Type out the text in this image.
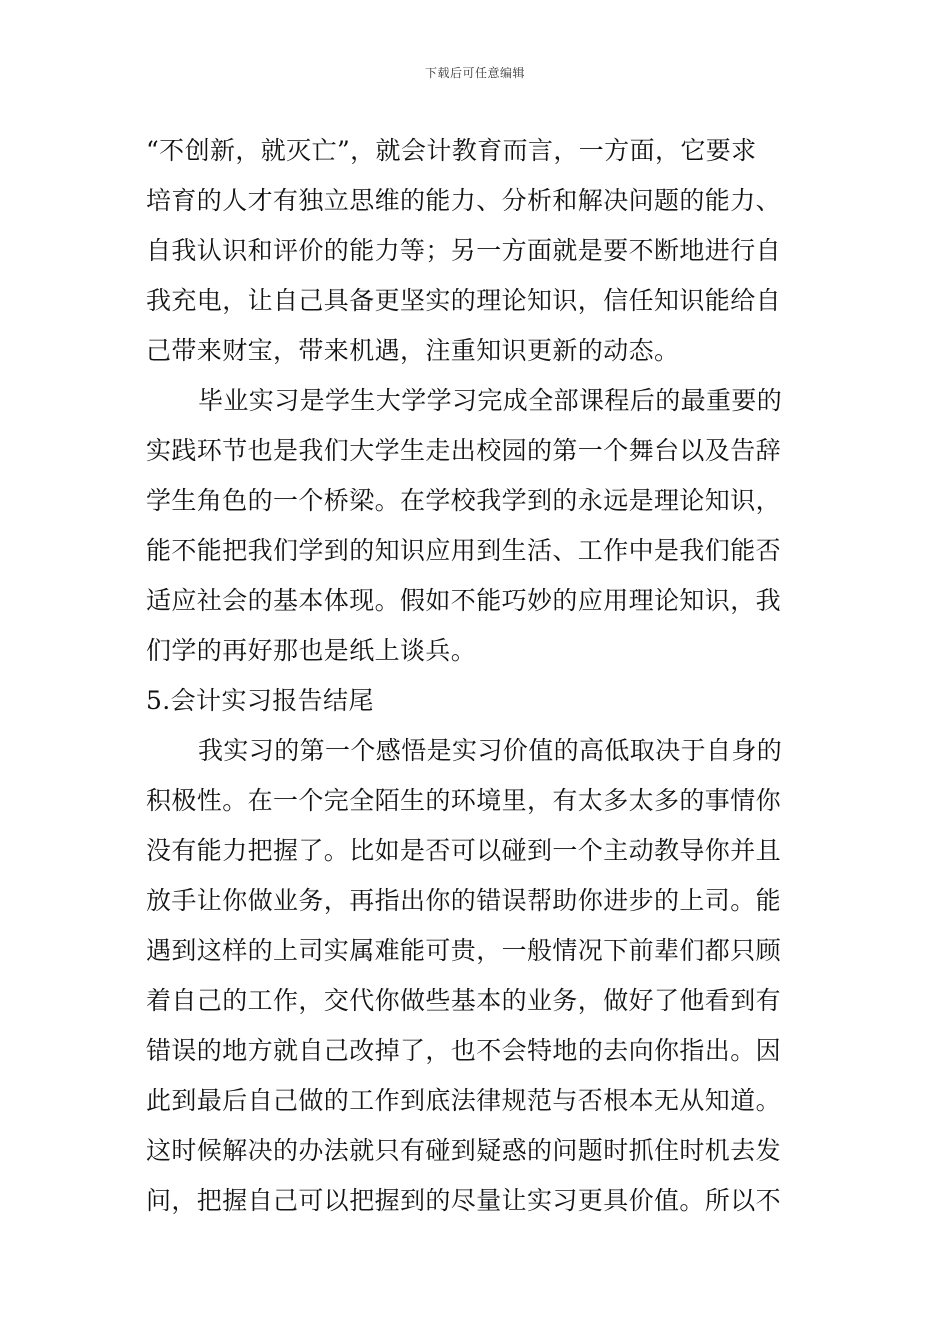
下载后可任意编辑
“不创新，就灭亡”，就会计教育而言，一方面，它要求
培育的人才有独立思维的能力、分析和解决问题的能力、
自我认识和评价的能力等；另一方面就是要不断地进行自
我充电，让自己具备更坚实的理论知识，信任知识能给自
己带来财宝，带来机遇，注重知识更新的动态。
毕业实习是学生大学学习完成全部课程后的最重要的
实践环节也是我们大学生走出校园的第一个舞台以及告辞
学生角色的一个桥梁。在学校我学到的永远是理论知识，
能不能把我们学到的知识应用到生活、工作中是我们能否
适应社会的基本体现。假如不能巧妙的应用理论知识，我
们学的再好那也是纸上谈兵。
5.会计实习报告结尾
我实习的第一个感悟是实习价值的高低取决于自身的
积极性。在一个完全陌生的环境里，有太多太多的事情你
没有能力把握了。比如是否可以碰到一个主动教导你并且
放手让你做业务，再指出你的错误帮助你进步的上司。能
遇到这样的上司实属难能可贵，一般情况下前辈们都只顾
着自己的工作，交代你做些基本的业务，做好了他看到有
错误的地方就自己改掉了，也不会特地的去向你指出。因
此到最后自己做的工作到底法律规范与否根本无从知道。
这时候解决的办法就只有碰到疑惑的问题时抓住时机去发
问，把握自己可以把握到的尽量让实习更具价值。所以不
